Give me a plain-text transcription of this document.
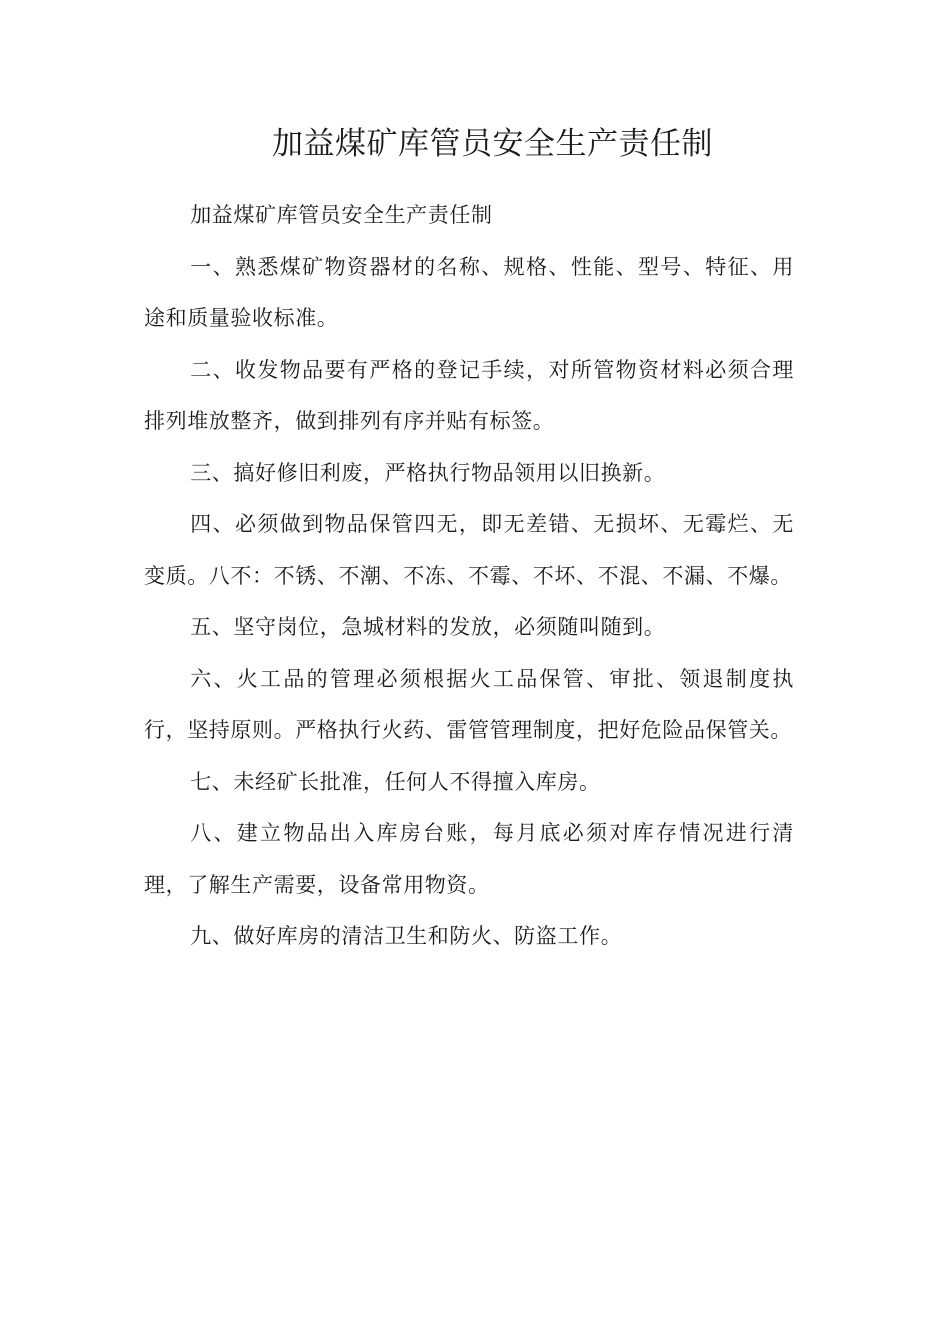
加益煤矿库管员安全生产责任制

加益煤矿库管员安全生产责任制

一、熟悉煤矿物资器材的名称、规格、性能、型号、特征、用途和质量验收标准。

二、收发物品要有严格的登记手续，对所管物资材料必须合理排列堆放整齐，做到排列有序并贴有标签。

三、搞好修旧利废，严格执行物品领用以旧换新。

四、必须做到物品保管四无，即无差错、无损坏、无霉烂、无变质。八不：不锈、不潮、不冻、不霉、不坏、不混、不漏、不爆。

五、坚守岗位，急城材料的发放，必须随叫随到。

六、火工品的管理必须根据火工品保管、审批、领退制度执行，坚持原则。严格执行火药、雷管管理制度，把好危险品保管关。

七、未经矿长批准，任何人不得擅入库房。

八、建立物品出入库房台账，每月底必须对库存情况进行清理，了解生产需要，设备常用物资。

九、做好库房的清洁卫生和防火、防盗工作。
